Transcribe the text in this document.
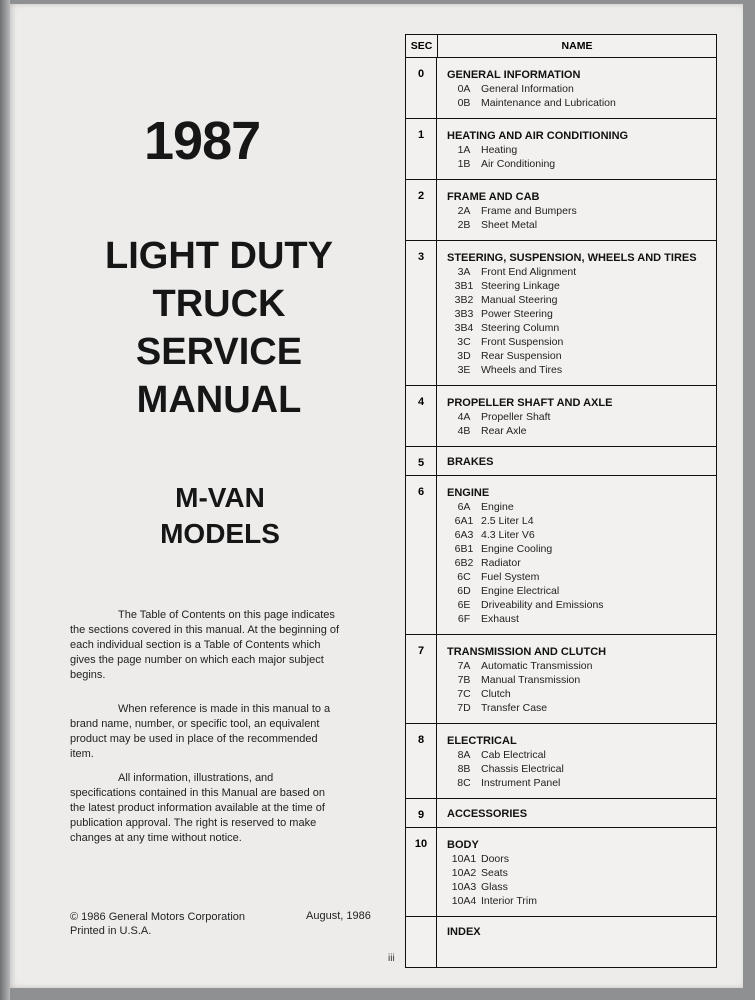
1987
LIGHT DUTY
TRUCK
SERVICE
MANUAL
M-VAN
MODELS
The Table of Contents on this page indicates the sections covered in this manual. At the beginning of each individual section is a Table of Contents which gives the page number on which each major subject begins.
When reference is made in this manual to a brand name, number, or specific tool, an equivalent product may be used in place of the recommended item.
All information, illustrations, and specifications contained in this Manual are based on the latest product information available at the time of publication approval. The right is reserved to make changes at any time without notice.
© 1986 General Motors Corporation
Printed in U.S.A.
August, 1986
iii
SEC	NAME
0	GENERAL INFORMATION
0A	General Information
0B	Maintenance and Lubrication
1	HEATING AND AIR CONDITIONING
1A	Heating
1B	Air Conditioning
2	FRAME AND CAB
2A	Frame and Bumpers
2B	Sheet Metal
3	STEERING, SUSPENSION, WHEELS AND TIRES
3A	Front End Alignment
3B1 Steering Linkage
3B2 Manual Steering
3B3 Power Steering
3B4 Steering Column
3C Front Suspension
3D Rear Suspension
3E	Wheels and Tires
4	PROPELLER SHAFT AND AXLE
4A	Propeller Shaft
4B	Rear Axle
5	BRAKES
6	ENGINE
6A	Engine
6A1 2.5 Liter L4
6A3 4.3 Liter V6
6B1 Engine Cooling
6B2 Radiator
6C Fuel System
6D Engine Electrical
6E	Driveability and Emissions
6F	Exhaust
7	TRANSMISSION AND CLUTCH
7A	Automatic Transmission
7B	Manual Transmission
7C Clutch
7D Transfer Case
8	ELECTRICAL
8A	Cab Electrical
8B	Chassis Electrical
8C Instrument Panel
9	ACCESSORIES
10	BODY
10A1 Doors
10A2 Seats
10A3 Glass
10A4 Interior Trim
INDEX
